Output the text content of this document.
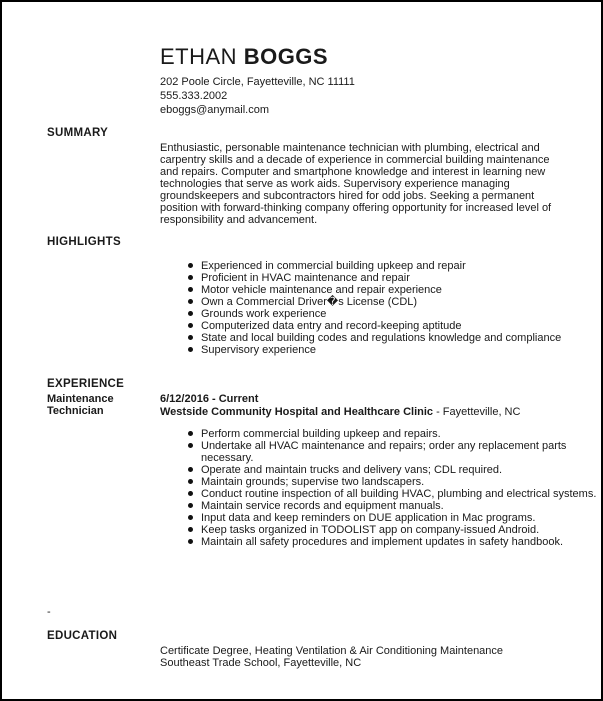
ETHAN BOGGS
202 Poole Circle, Fayetteville, NC 11111
555.333.2002
eboggs@anymail.com
SUMMARY
Enthusiastic, personable maintenance technician with plumbing, electrical and carpentry skills and a decade of experience in commercial building maintenance and repairs. Computer and smartphone knowledge and interest in learning new technologies that serve as work aids. Supervisory experience managing groundskeepers and subcontractors hired for odd jobs. Seeking a permanent position with forward-thinking company offering opportunity for increased level of responsibility and advancement.
HIGHLIGHTS
Experienced in commercial building upkeep and repair
Proficient in HVAC maintenance and repair
Motor vehicle maintenance and repair experience
Own a Commercial Driver�s License (CDL)
Grounds work experience
Computerized data entry and record-keeping aptitude
State and local building codes and regulations knowledge and compliance
Supervisory experience
EXPERIENCE
Maintenance Technician
6/12/2016 - Current
Westside Community Hospital and Healthcare Clinic - Fayetteville, NC
Perform commercial building upkeep and repairs.
Undertake all HVAC maintenance and repairs; order any replacement parts necessary.
Operate and maintain trucks and delivery vans; CDL required.
Maintain grounds; supervise two landscapers.
Conduct routine inspection of all building HVAC, plumbing and electrical systems.
Maintain service records and equipment manuals.
Input data and keep reminders on DUE application in Mac programs.
Keep tasks organized in TODOLIST app on company-issued Android.
Maintain all safety procedures and implement updates in safety handbook.
-
EDUCATION
Certificate Degree, Heating Ventilation & Air Conditioning Maintenance
Southeast Trade School, Fayetteville, NC
